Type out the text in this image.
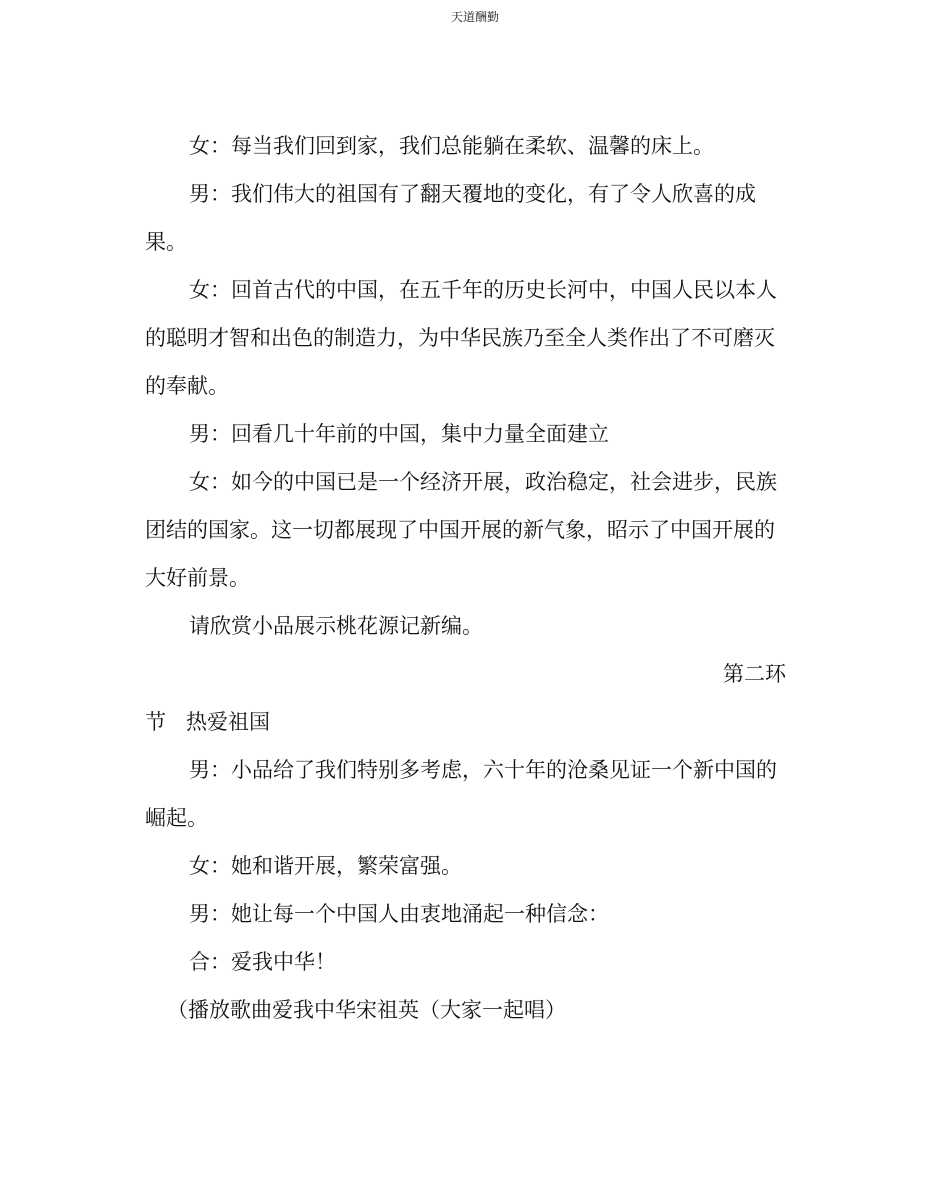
天道酬勤
女：每当我们回到家，我们总能躺在柔软、温馨的床上。
男：我们伟大的祖国有了翻天覆地的变化，有了令人欣喜的成
果。
女：回首古代的中国，在五千年的历史长河中，中国人民以本人
的聪明才智和出色的制造力，为中华民族乃至全人类作出了不可磨灭
的奉献。
男：回看几十年前的中国，集中力量全面建立
女：如今的中国已是一个经济开展，政治稳定，社会进步，民族
团结的国家。这一切都展现了中国开展的新气象，昭示了中国开展的
大好前景。
请欣赏小品展示桃花源记新编。
第二环
节   热爱祖国
男：小品给了我们特别多考虑，六十年的沧桑见证一个新中国的
崛起。
女：她和谐开展，繁荣富强。
男：她让每一个中国人由衷地涌起一种信念：
合：爱我中华！
（播放歌曲爱我中华宋祖英（大家一起唱）
